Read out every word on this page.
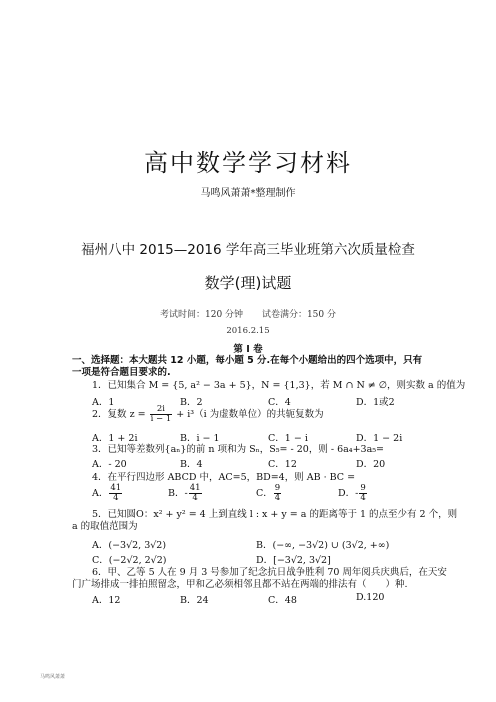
高中数学学习材料
马鸣风萧萧*整理制作
福州八中 2015—2016 学年高三毕业班第六次质量检查
数学(理)试题
考试时间：120 分钟 试卷满分：150 分
2016.2.15
第 I 卷
一、选择题：本大题共 12 小题，每小题 5 分.在每个小题给出的四个选项中，只有
一项是符合题目要求的.
1．已知集合 M = {5, a² − 3a + 5}，N = {1,3}，若 M ∩ N ≠ ∅，则实数 a 的值为
A．1	B．2	C．4	D．1或2
2．复数 $z = \frac{2i}{i - 1} + i^3(i$ 为虚数单位）的共轭复数为
A．1 + 2i	B．i − 1	C．1 − i	D．1 − 2i
3．已知等差数列{aₙ}的前 n 项和为 Sₙ，S₅= - 20，则 - 6a₄+3a₅=
A．- 20	B．4	C．12	D．20
4．在平行四边形 ABCD 中，AC=5，BD=4，则 AB · BC =
A． $\frac{41}{4}$	B．- $\frac{41}{4}$	C． $\frac{9}{4}$	D．- $\frac{9}{4}$
5．已知圆O：x² + y² = 4 上到直线 l : x + y = a 的距离等于 1 的点至少有 2 个，则
a 的取值范围为
A．(−3√2, 3√2)	B．(−∞, −3√2) ∪ (3√2, +∞)
C．(−2√2, 2√2)	D．[−3√2, 3√2]
6．甲、乙等 5 人在 9 月 3 号参加了纪念抗日战争胜利 70 周年阅兵庆典后，在天安
门广场排成一排拍照留念，甲和乙必须相邻且都不站在两端的排法有（　　）种.
A．12	B．24	C．48	D.120
马鸣风萧萧
